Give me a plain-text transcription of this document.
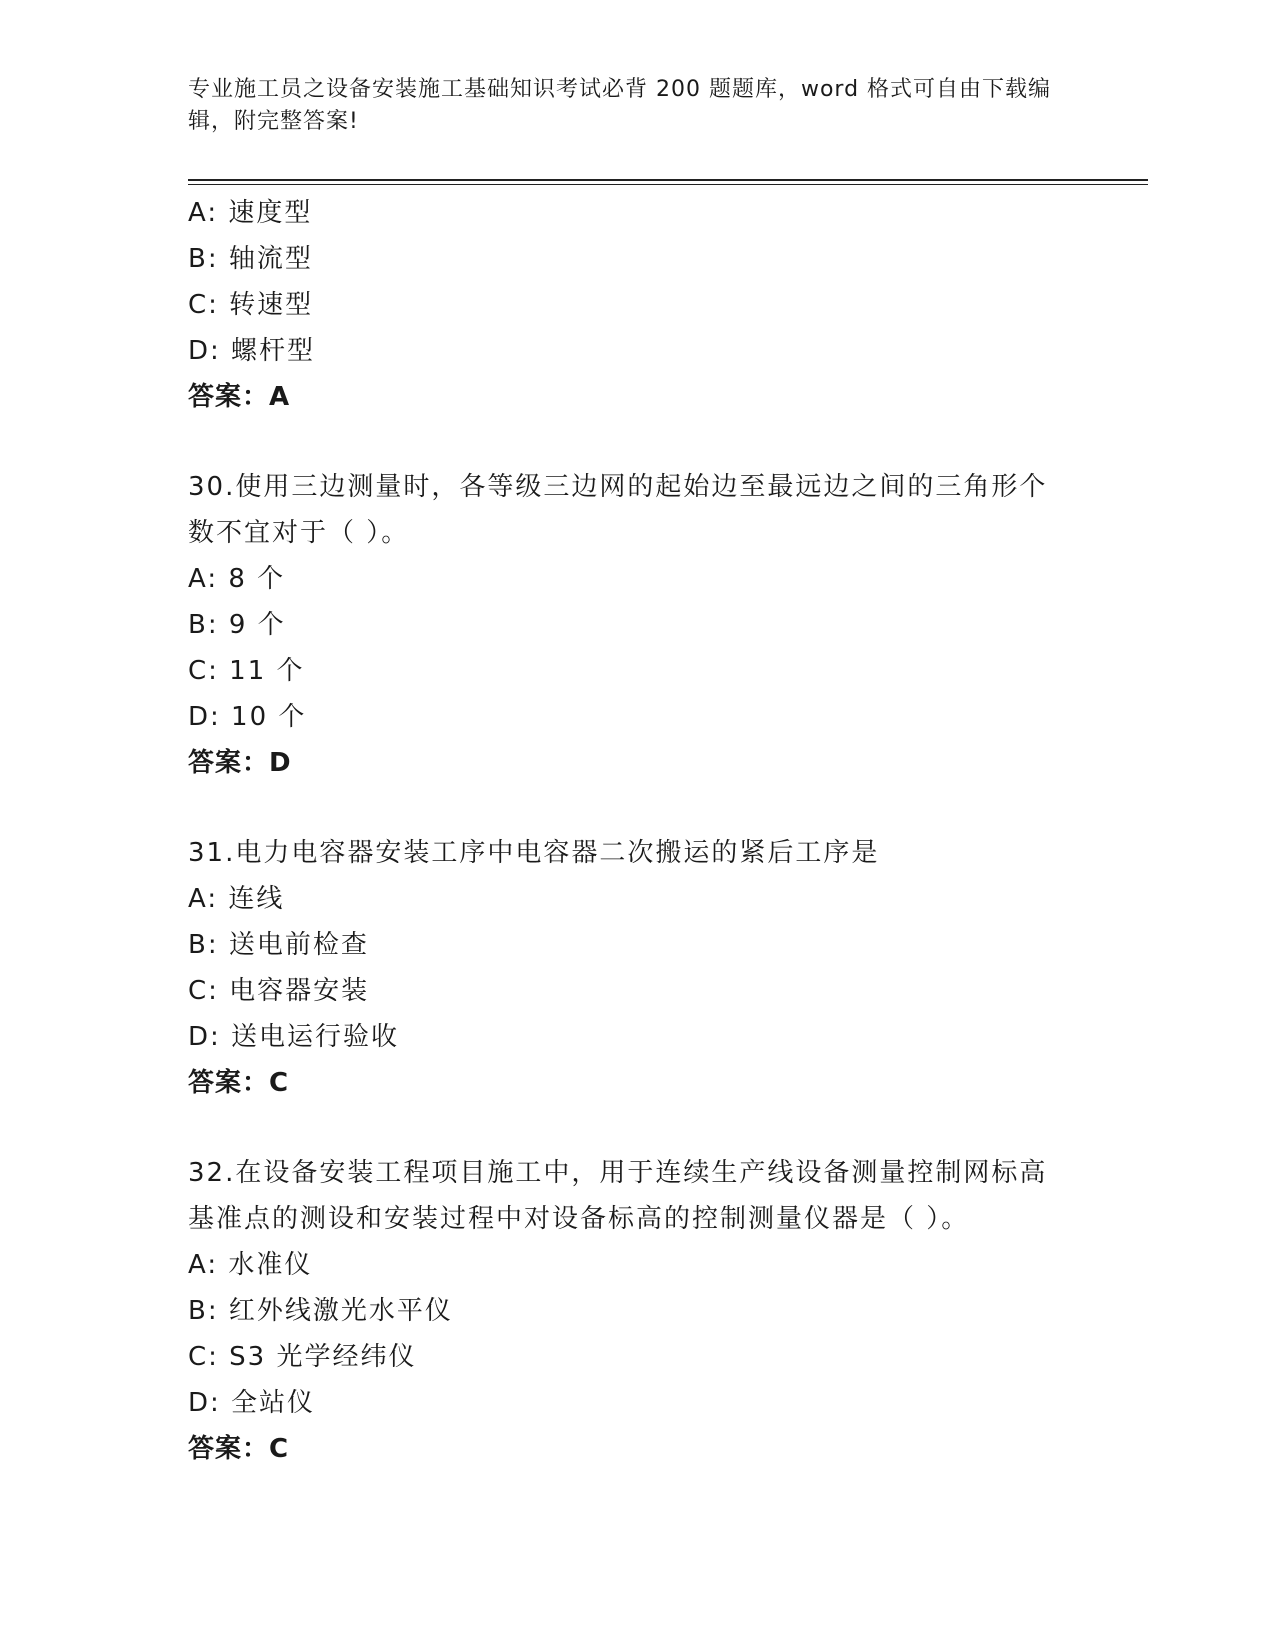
专业施工员之设备安装施工基础知识考试必背 200 题题库，word 格式可自由下载编辑，附完整答案!
A: 速度型
B: 轴流型
C: 转速型
D: 螺杆型
答案：A
30.使用三边测量时，各等级三边网的起始边至最远边之间的三角形个
数不宜对于（ ）。
A: 8 个
B: 9 个
C: 11 个
D: 10 个
答案：D
31.电力电容器安装工序中电容器二次搬运的紧后工序是
A: 连线
B: 送电前检查
C: 电容器安装
D: 送电运行验收
答案：C
32.在设备安装工程项目施工中，用于连续生产线设备测量控制网标高
基准点的测设和安装过程中对设备标高的控制测量仪器是（ ）。
A: 水准仪
B: 红外线激光水平仪
C: S3 光学经纬仪
D: 全站仪
答案：C
